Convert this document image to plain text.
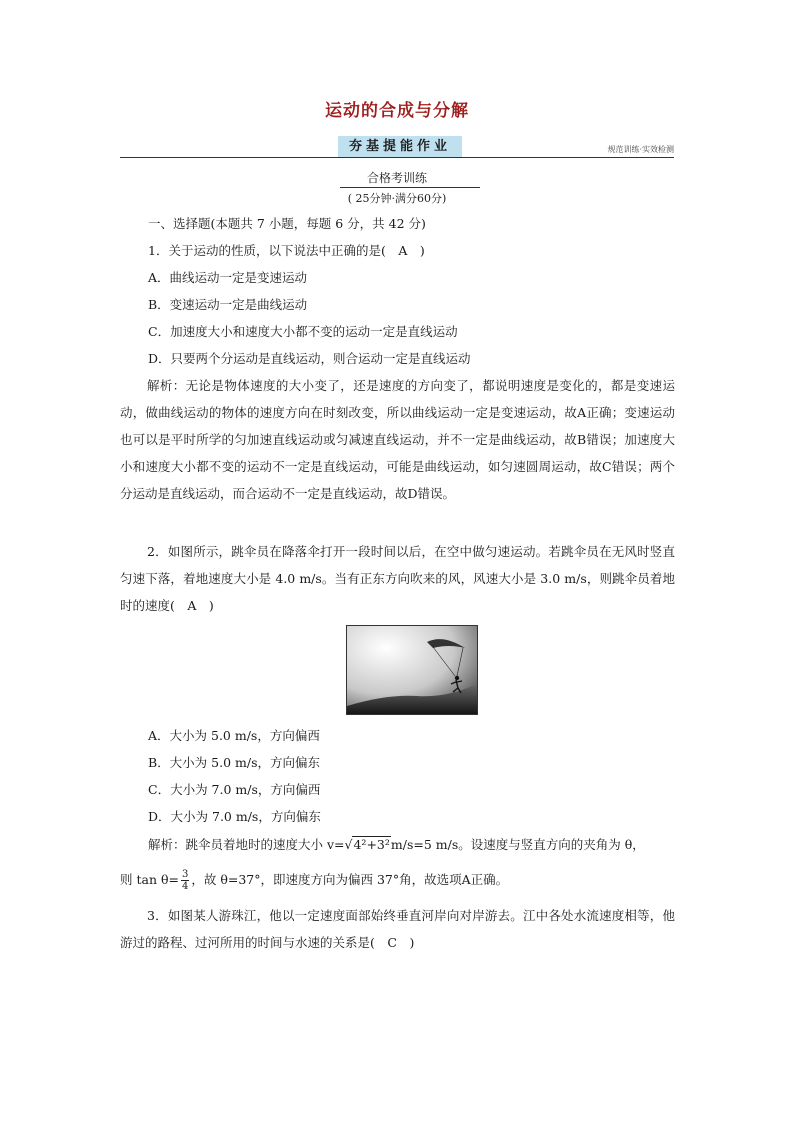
运动的合成与分解
夯基提能作业	规范训练·实效检测
合格考训练
( 25分钟·满分60分)
一、选择题(本题共 7 小题，每题 6 分，共 42 分)
1．关于运动的性质，以下说法中正确的是(　A　)
A．曲线运动一定是变速运动
B．变速运动一定是曲线运动
C．加速度大小和速度大小都不变的运动一定是直线运动
D．只要两个分运动是直线运动，则合运动一定是直线运动
解析：无论是物体速度的大小变了，还是速度的方向变了，都说明速度是变化的，都是变速运动，做曲线运动的物体的速度方向在时刻改变，所以曲线运动一定是变速运动，故A正确；变速运动也可以是平时所学的匀加速直线运动或匀减速直线运动，并不一定是曲线运动，故B错误；加速度大小和速度大小都不变的运动不一定是直线运动，可能是曲线运动，如匀速圆周运动，故C错误；两个分运动是直线运动，而合运动不一定是直线运动，故D错误。
2．如图所示，跳伞员在降落伞打开一段时间以后，在空中做匀速运动。若跳伞员在无风时竖直匀速下落，着地速度大小是 4.0 m/s。当有正东方向吹来的风，风速大小是 3.0 m/s，则跳伞员着地时的速度(　A　)
A．大小为 5.0 m/s，方向偏西
B．大小为 5.0 m/s，方向偏东
C．大小为 7.0 m/s，方向偏西
D．大小为 7.0 m/s，方向偏东
解析：跳伞员着地时的速度大小 v=√4²+3²m/s=5 m/s。设速度与竖直方向的夹角为 θ，
则 $\tan \theta= \frac{3}{4}$ ，故 θ=37°，即速度方向为偏西 37°角，故选项A正确。
3．如图某人游珠江，他以一定速度面部始终垂直河岸向对岸游去。江中各处水流速度相等，他游过的路程、过河所用的时间与水速的关系是(　C　)
